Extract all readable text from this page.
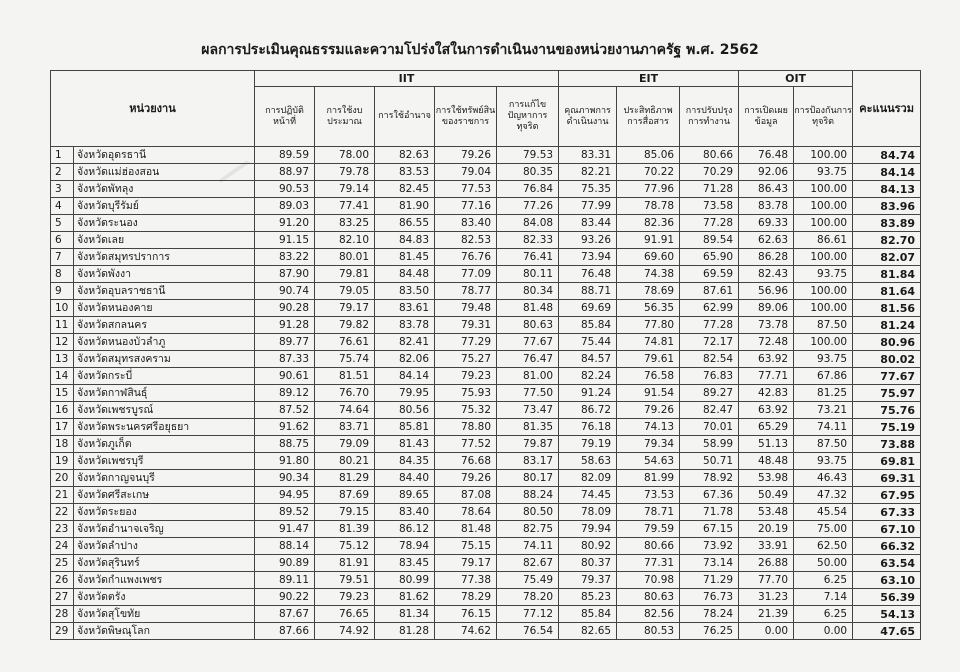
⁄
ผลการประเมินคุณธรรมและความโปร่งใสในการดำเนินงานของหน่วยงานภาครัฐ พ.ศ. 2562
หน่วยงาน	IIT					EIT			OIT		คะแนนรวม
	การปฏิบัติหน้าที่	การใช้งบประมาณ	การใช้อำนาจ	การใช้ทรัพย์สินของราชการ	การแก้ไขปัญหาการทุจริต	คุณภาพการดำเนินงาน	ประสิทธิภาพการสื่อสาร	การปรับปรุงการทำงาน	การเปิดเผยข้อมูล	การป้องกันการทุจริต	

1 จังหวัดอุดรธานี	89.59	78.00	82.63	79.26	79.53	83.31	85.06	80.66	76.48	100.00	84.74

2 จังหวัดแม่ฮ่องสอน	88.97	79.78	83.53	79.04	80.35	82.21	70.22	70.29	92.06	93.75	84.14

3 จังหวัดพัทลุง	90.53	79.14	82.45	77.53	76.84	75.35	77.96	71.28	86.43	100.00	84.13

4 จังหวัดบุรีรัมย์	89.03	77.41	81.90	77.16	77.26	77.99	78.78	73.58	83.78	100.00	83.96

5 จังหวัดระนอง	91.20	83.25	86.55	83.40	84.08	83.44	82.36	77.28	69.33	100.00	83.89

6 จังหวัดเลย	91.15	82.10	84.83	82.53	82.33	93.26	91.91	89.54	62.63	86.61	82.70

7 จังหวัดสมุทรปราการ	83.22	80.01	81.45	76.76	76.41	73.94	69.60	65.90	86.28	100.00	82.07

8 จังหวัดพังงา	87.90	79.81	84.48	77.09	80.11	76.48	74.38	69.59	82.43	93.75	81.84

9 จังหวัดอุบลราชธานี	90.74	79.05	83.50	78.77	80.34	88.71	78.69	87.61	56.96	100.00	81.64

10 จังหวัดหนองคาย	90.28	79.17	83.61	79.48	81.48	69.69	56.35	62.99	89.06	100.00	81.56

11 จังหวัดสกลนคร	91.28	79.82	83.78	79.31	80.63	85.84	77.80	77.28	73.78	87.50	81.24

12 จังหวัดหนองบัวลำภู	89.77	76.61	82.41	77.29	77.67	75.44	74.81	72.17	72.48	100.00	80.96

13 จังหวัดสมุทรสงคราม	87.33	75.74	82.06	75.27	76.47	84.57	79.61	82.54	63.92	93.75	80.02

14 จังหวัดกระบี่	90.61	81.51	84.14	79.23	81.00	82.24	76.58	76.83	77.71	67.86	77.67

15 จังหวัดกาฬสินธุ์	89.12	76.70	79.95	75.93	77.50	91.24	91.54	89.27	42.83	81.25	75.97

16 จังหวัดเพชรบูรณ์	87.52	74.64	80.56	75.32	73.47	86.72	79.26	82.47	63.92	73.21	75.76

17 จังหวัดพระนครศรีอยุธยา	91.62	83.71	85.81	78.80	81.35	76.18	74.13	70.01	65.29	74.11	75.19

18 จังหวัดภูเก็ต	88.75	79.09	81.43	77.52	79.87	79.19	79.34	58.99	51.13	87.50	73.88

19 จังหวัดเพชรบุรี	91.80	80.21	84.35	76.68	83.17	58.63	54.63	50.71	48.48	93.75	69.81

20 จังหวัดกาญจนบุรี	90.34	81.29	84.40	79.26	80.17	82.09	81.99	78.92	53.98	46.43	69.31

21 จังหวัดศรีสะเกษ	94.95	87.69	89.65	87.08	88.24	74.45	73.53	67.36	50.49	47.32	67.95

22 จังหวัดระยอง	89.52	79.15	83.40	78.64	80.50	78.09	78.71	71.78	53.48	45.54	67.33

23 จังหวัดอำนาจเจริญ	91.47	81.39	86.12	81.48	82.75	79.94	79.59	67.15	20.19	75.00	67.10

24 จังหวัดลำปาง	88.14	75.12	78.94	75.15	74.11	80.92	80.66	73.92	33.91	62.50	66.32

25 จังหวัดสุรินทร์	90.89	81.91	83.45	79.17	82.67	80.37	77.31	73.14	26.88	50.00	63.54

26 จังหวัดกำแพงเพชร	89.11	79.51	80.99	77.38	75.49	79.37	70.98	71.29	77.70	6.25	63.10

27 จังหวัดตรัง	90.22	79.23	81.62	78.29	78.20	85.23	80.63	76.73	31.23	7.14	56.39

28 จังหวัดสุโขทัย	87.67	76.65	81.34	76.15	77.12	85.84	82.56	78.24	21.39	6.25	54.13

29 จังหวัดพิษณุโลก	87.66	74.92	81.28	74.62	76.54	82.65	80.53	76.25	0.00	0.00	47.65
